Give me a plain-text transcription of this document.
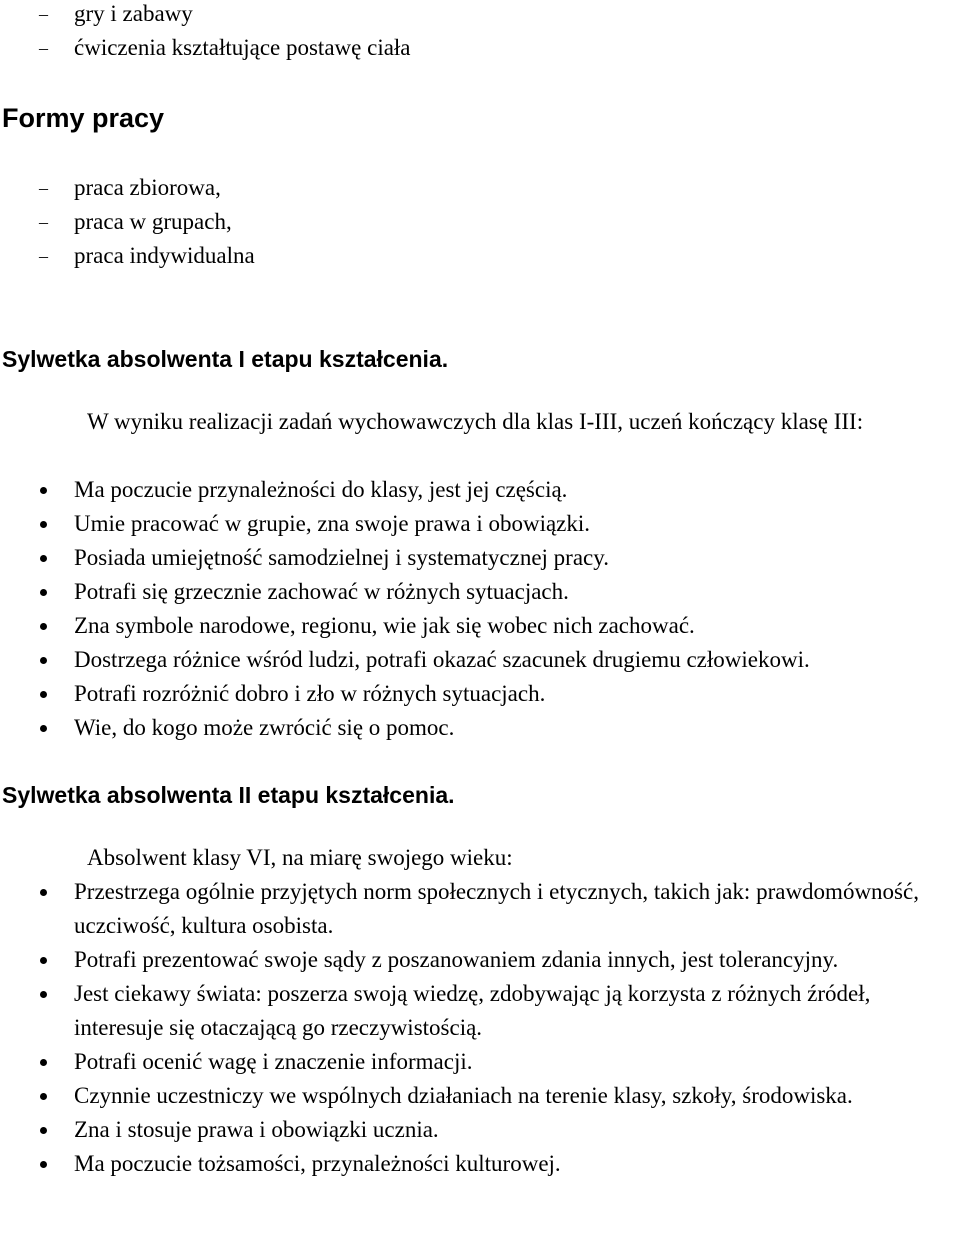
– gry i zabawy
– ćwiczenia kształtujące postawę ciała
Formy pracy
– praca zbiorowa,
– praca w grupach,
– praca indywidualna
Sylwetka absolwenta I etapu kształcenia.

W wyniku realizacji zadań wychowawczych dla klas I-III, uczeń kończący klasę III:

Ma poczucie przynależności do klasy, jest jej częścią.
Umie pracować w grupie, zna swoje prawa i obowiązki.
Posiada umiejętność samodzielnej i systematycznej pracy.
Potrafi się grzecznie zachować w różnych sytuacjach.
Zna symbole narodowe, regionu, wie jak się wobec nich zachować.
Dostrzega różnice wśród ludzi, potrafi okazać szacunek drugiemu człowiekowi.
Potrafi rozróżnić dobro i zło w różnych sytuacjach.
Wie, do kogo może zwrócić się o pomoc.
Sylwetka absolwenta II etapu kształcenia.

Absolwent klasy VI, na miarę swojego wieku:

Przestrzega ogólnie przyjętych norm społecznych i etycznych, takich jak: prawdomówność, uczciwość, kultura osobista.
Potrafi prezentować swoje sądy z poszanowaniem zdania innych, jest tolerancyjny.
Jest ciekawy świata: poszerza swoją wiedzę, zdobywając ją korzysta z różnych źródeł, interesuje się otaczającą go rzeczywistością.
Potrafi ocenić wagę i znaczenie informacji.
Czynnie uczestniczy we wspólnych działaniach na terenie klasy, szkoły, środowiska.
Zna i stosuje prawa i obowiązki ucznia.
Ma poczucie tożsamości, przynależności kulturowej.
